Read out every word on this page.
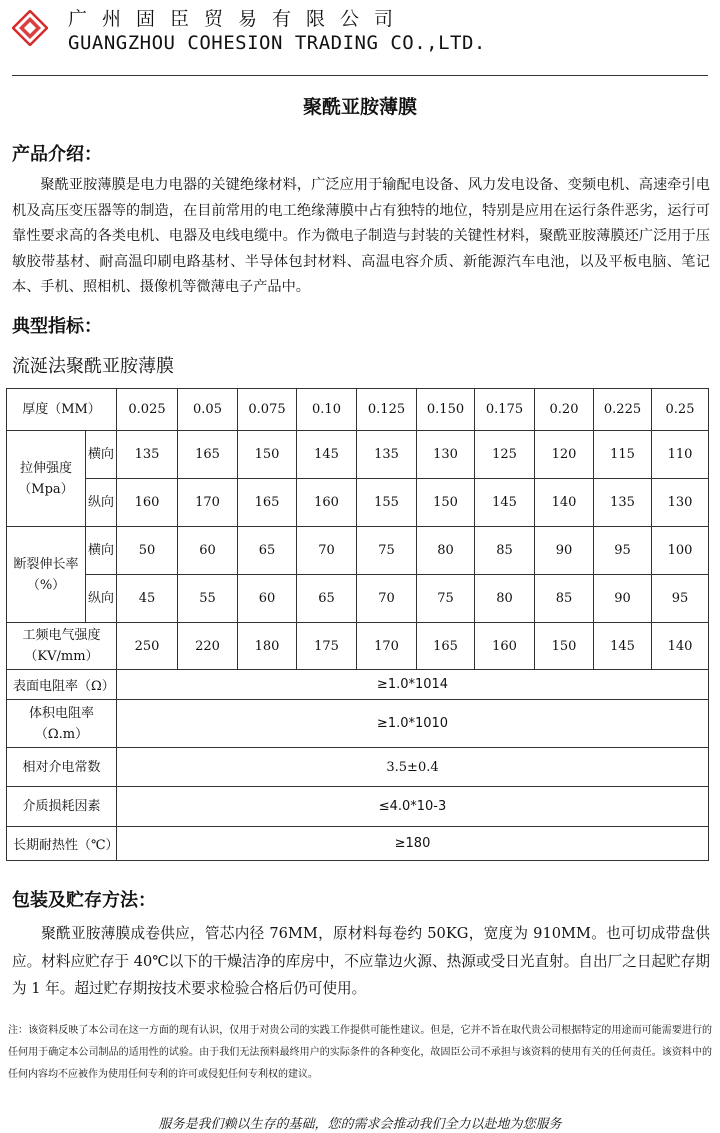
广州固臣贸易有限公司
GUANGZHOU COHESION TRADING CO.,LTD.
聚酰亚胺薄膜
产品介绍：
聚酰亚胺薄膜是电力电器的关键绝缘材料，广泛应用于输配电设备、风力发电设备、变频电机、高速牵引电机及高压变压器等的制造，在目前常用的电工绝缘薄膜中占有独特的地位，特别是应用在运行条件恶劣，运行可靠性要求高的各类电机、电器及电线电缆中。作为微电子制造与封装的关键性材料，聚酰亚胺薄膜还广泛用于压敏胶带基材、耐高温印刷电路基材、半导体包封材料、高温电容介质、新能源汽车电池，以及平板电脑、笔记本、手机、照相机、摄像机等微薄电子产品中。
典型指标：
流涎法聚酰亚胺薄膜
厚度（MM）		0.025	0.05	0.075	0.10	0.125	0.150	0.175	0.20	0.225	0.25
拉伸强度（Mpa）	横向	135	165	150	145	135	130	125	120	115	110
	纵向	160	170	165	160	155	150	145	140	135	130
断裂伸长率（%）	横向	50	60	65	70	75	80	85	90	95	100
	纵向	45	55	60	65	70	75	80	85	90	95
工频电气强度（KV/mm）		250	220	180	175	170	165	160	150	145	140
表面电阻率（Ω）		≥1.0*1014									
体积电阻率（Ω.m）		≥1.0*1010									
相对介电常数		3.5±0.4									
介质损耗因素		≤4.0*10-3									
长期耐热性（℃）		≥180									
包装及贮存方法：
聚酰亚胺薄膜成卷供应，管芯内径 76MM，原材料每卷约 50KG，宽度为 910MM。也可切成带盘供应。材料应贮存于 40℃以下的干燥洁净的库房中，不应靠边火源、热源或受日光直射。自出厂之日起贮存期为 1 年。超过贮存期按技术要求检验合格后仍可使用。
注：该资料反映了本公司在这一方面的现有认识，仅用于对贵公司的实践工作提供可能性建议。但是，它并不旨在取代贵公司根据特定的用途而可能需要进行的任何用于确定本公司制品的适用性的试验。由于我们无法预料最终用户的实际条件的各种变化，故固臣公司不承担与该资料的使用有关的任何责任。该资料中的任何内容均不应被作为使用任何专利的许可或侵犯任何专利权的建议。
服务是我们赖以生存的基础，您的需求会推动我们全力以赴地为您服务
